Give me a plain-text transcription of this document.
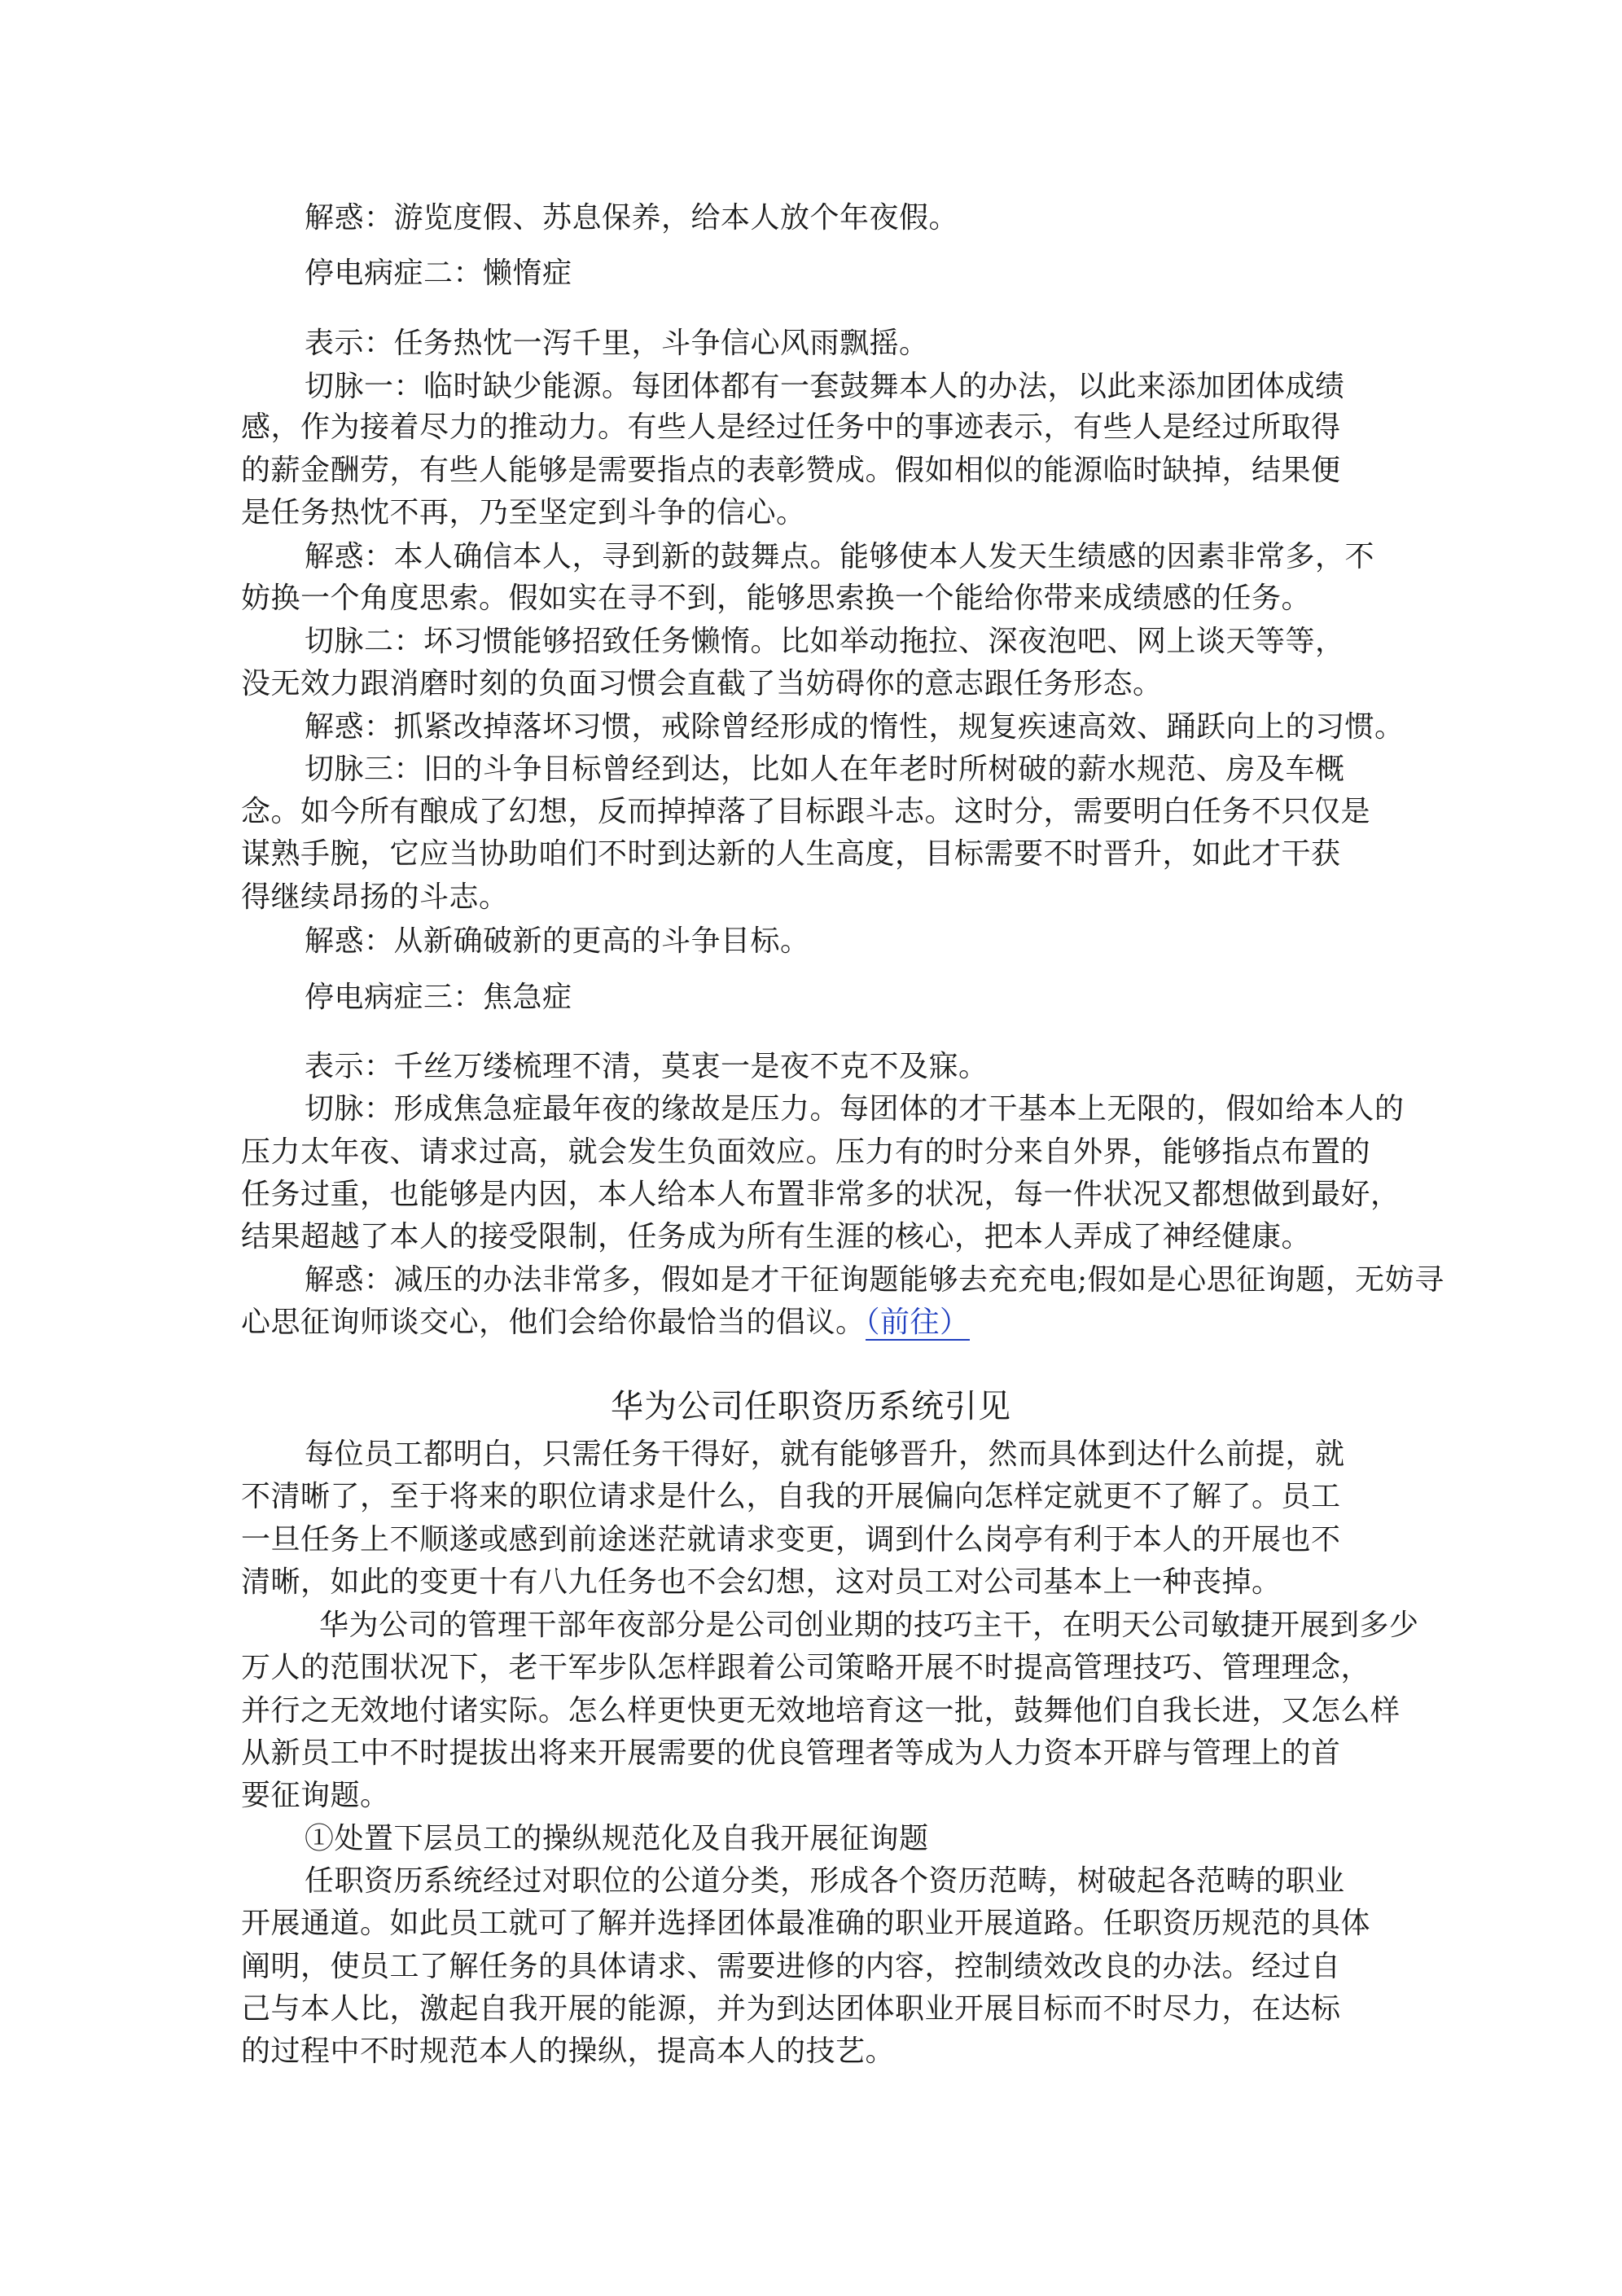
解惑：游览度假、苏息保养，给本人放个年夜假。

停电病症二：懒惰症

表示：任务热忱一泻千里，斗争信心风雨飘摇。

切脉一：临时缺少能源。每团体都有一套鼓舞本人的办法，以此来添加团体成绩

感，作为接着尽力的推动力。有些人是经过任务中的事迹表示，有些人是经过所取得

的薪金酬劳，有些人能够是需要指点的表彰赞成。假如相似的能源临时缺掉，结果便

是任务热忱不再，乃至坚定到斗争的信心。

解惑：本人确信本人，寻到新的鼓舞点。能够使本人发天生绩感的因素非常多，不

妨换一个角度思索。假如实在寻不到，能够思索换一个能给你带来成绩感的任务。

切脉二：坏习惯能够招致任务懒惰。比如举动拖拉、深夜泡吧、网上谈天等等，

没无效力跟消磨时刻的负面习惯会直截了当妨碍你的意志跟任务形态。

解惑：抓紧改掉落坏习惯，戒除曾经形成的惰性，规复疾速高效、踊跃向上的习惯。

切脉三：旧的斗争目标曾经到达，比如人在年老时所树破的薪水规范、房及车概

念。如今所有酿成了幻想，反而掉掉落了目标跟斗志。这时分，需要明白任务不只仅是

谋熟手腕，它应当协助咱们不时到达新的人生高度，目标需要不时晋升，如此才干获

得继续昂扬的斗志。

解惑：从新确破新的更高的斗争目标。

停电病症三：焦急症

表示：千丝万缕梳理不清，莫衷一是夜不克不及寐。

切脉：形成焦急症最年夜的缘故是压力。每团体的才干基本上无限的，假如给本人的

压力太年夜、请求过高，就会发生负面效应。压力有的时分来自外界，能够指点布置的

任务过重，也能够是内因，本人给本人布置非常多的状况，每一件状况又都想做到最好，

结果超越了本人的接受限制，任务成为所有生涯的核心，把本人弄成了神经健康。

解惑：减压的办法非常多，假如是才干征询题能够去充充电;假如是心思征询题，无妨寻

心思征询师谈交心，他们会给你最恰当的倡议。（前往）

华为公司任职资历系统引见

每位员工都明白，只需任务干得好，就有能够晋升，然而具体到达什么前提，就

不清晰了，至于将来的职位请求是什么，自我的开展偏向怎样定就更不了解了。员工

一旦任务上不顺遂或感到前途迷茫就请求变更，调到什么岗亭有利于本人的开展也不

清晰，如此的变更十有八九任务也不会幻想，这对员工对公司基本上一种丧掉。

华为公司的管理干部年夜部分是公司创业期的技巧主干，在明天公司敏捷开展到多少

万人的范围状况下，老干军步队怎样跟着公司策略开展不时提高管理技巧、管理理念，

并行之无效地付诸实际。怎么样更快更无效地培育这一批，鼓舞他们自我长进，又怎么样

从新员工中不时提拔出将来开展需要的优良管理者等成为人力资本开辟与管理上的首

要征询题。

①处置下层员工的操纵规范化及自我开展征询题

任职资历系统经过对职位的公道分类，形成各个资历范畴，树破起各范畴的职业

开展通道。如此员工就可了解并选择团体最准确的职业开展道路。任职资历规范的具体

阐明，使员工了解任务的具体请求、需要进修的内容，控制绩效改良的办法。经过自

己与本人比，激起自我开展的能源，并为到达团体职业开展目标而不时尽力，在达标

的过程中不时规范本人的操纵，提高本人的技艺。
